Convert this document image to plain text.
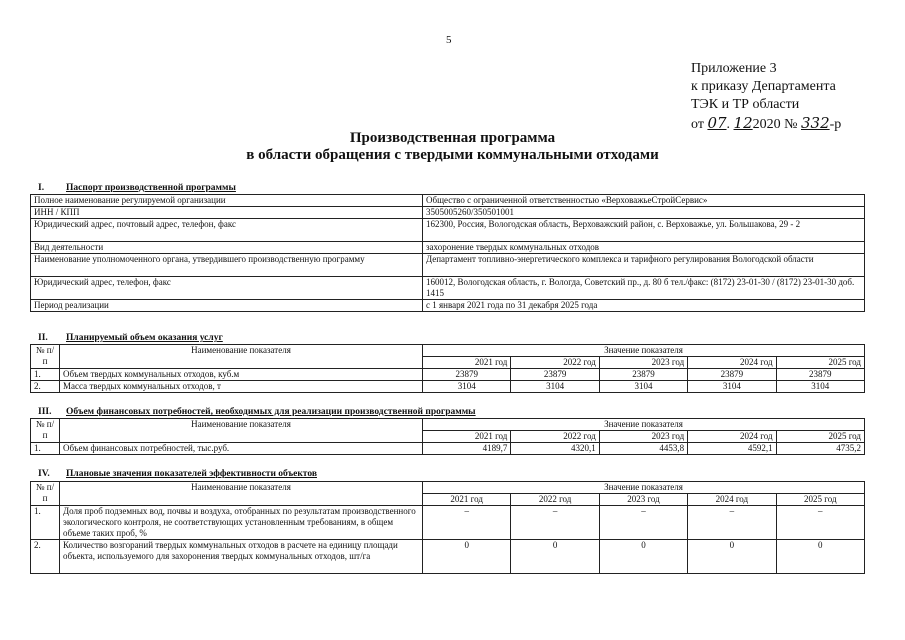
5
Приложение 3
к приказу Департамента
ТЭК и ТР области
от 07. 122020 № 332-р
Производственная программа
в области обращения с твердыми коммунальными отходами
I. Паспорт производственной программы
Полное наименование регулируемой организации	Общество с ограниченной ответственностью «ВерховажьеСтройСервис»
ИНН / КПП	3505005260/350501001
Юридический адрес, почтовый адрес, телефон, факс	162300, Россия, Вологодская область, Верховажский район, с. Верховажье, ул. Большакова, 29 - 2
Вид деятельности	захоронение твердых коммунальных отходов
Наименование уполномоченного органа, утвердившего производственную программу	Департамент топливно-энергетического комплекса и тарифного регулирования Вологодской области
Юридический адрес, телефон, факс	160012, Вологодская область, г. Вологда, Советский пр., д. 80 б тел./факс: (8172) 23-01-30 / (8172) 23-01-30 доб. 1415
Период реализации	с 1 января 2021 года по 31 декабря 2025 года
II. Планируемый объем оказания услуг
№ п/п	Наименование показателя	Значение показателя				
		2021 год	2022 год	2023 год	2024 год	2025 год
1.	Объем твердых коммунальных отходов, куб.м	23879	23879	23879	23879	23879
2.	Масса твердых коммунальных отходов, т	3104	3104	3104	3104	3104
III. Объем финансовых потребностей, необходимых для реализации производственной программы
№ п/п	Наименование показателя	Значение показателя				
		2021 год	2022 год	2023 год	2024 год	2025 год
1.	Объем финансовых потребностей, тыс.руб.	4189,7	4320,1	4453,8	4592,1	4735,2
IV. Плановые значения показателей эффективности объектов
№ п/п	Наименование показателя	Значение показателя				
		2021 год	2022 год	2023 год	2024 год	2025 год
1.	Доля проб подземных вод, почвы и воздуха, отобранных по результатам производственного экологического контроля, не соответствующих установленным требованиям, в общем объеме таких проб, %	–	–	–	–	–
2.	Количество возгораний твердых коммунальных отходов в расчете на единицу площади объекта, используемого для захоронения твердых коммунальных отходов, шт/га	0	0	0	0	0
